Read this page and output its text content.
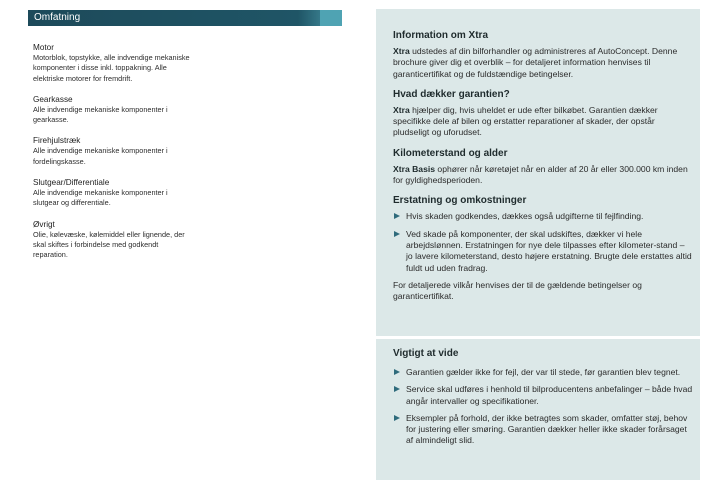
Omfatning
Motor
Motorblok, topstykke, alle indvendige mekaniske komponenter i disse inkl. toppakning. Alle elektriske motorer for fremdrift.
Gearkasse
Alle indvendige mekaniske komponenter i gearkasse.
Firehjulstræk
Alle indvendige mekaniske komponenter i fordelingskasse.
Slutgear/Differentiale
Alle indvendige mekaniske komponenter i slutgear og differentiale.
Øvrigt
Olie, kølevæske, kølemiddel eller lignende, der skal skiftes i forbindelse med godkendt reparation.
Information om Xtra
Xtra udstedes af din bilforhandler og administreres af AutoConcept. Denne brochure giver dig et overblik – for detaljeret information henvises til garanticertifikat og de fuldstændige betingelser.
Hvad dækker garantien?
Xtra hjælper dig, hvis uheldet er ude efter bilkøbet. Garantien dækker specifikke dele af bilen og erstatter reparationer af skader, der opstår pludseligt og uforudset.
Kilometerstand og alder
Xtra Basis ophører når køretøjet når en alder af 20 år eller 300.000 km inden for gyldighedsperioden.
Erstatning og omkostninger
Hvis skaden godkendes, dækkes også udgifterne til fejlfinding.
Ved skade på komponenter, der skal udskiftes, dækker vi hele arbejdslønnen. Erstatningen for nye dele tilpasses efter kilometer-stand – jo lavere kilometerstand, desto højere erstatning. Brugte dele erstattes altid fuldt ud uden fradrag.
For detaljerede vilkår henvises der til de gældende betingelser og garanticertifikat.
Vigtigt at vide
Garantien gælder ikke for fejl, der var til stede, før garantien blev tegnet.
Service skal udføres i henhold til bilproducentens anbefalinger – både hvad angår intervaller og specifikationer.
Eksempler på forhold, der ikke betragtes som skader, omfatter støj, behov for justering eller smøring. Garantien dækker heller ikke skader forårsaget af almindeligt slid.
